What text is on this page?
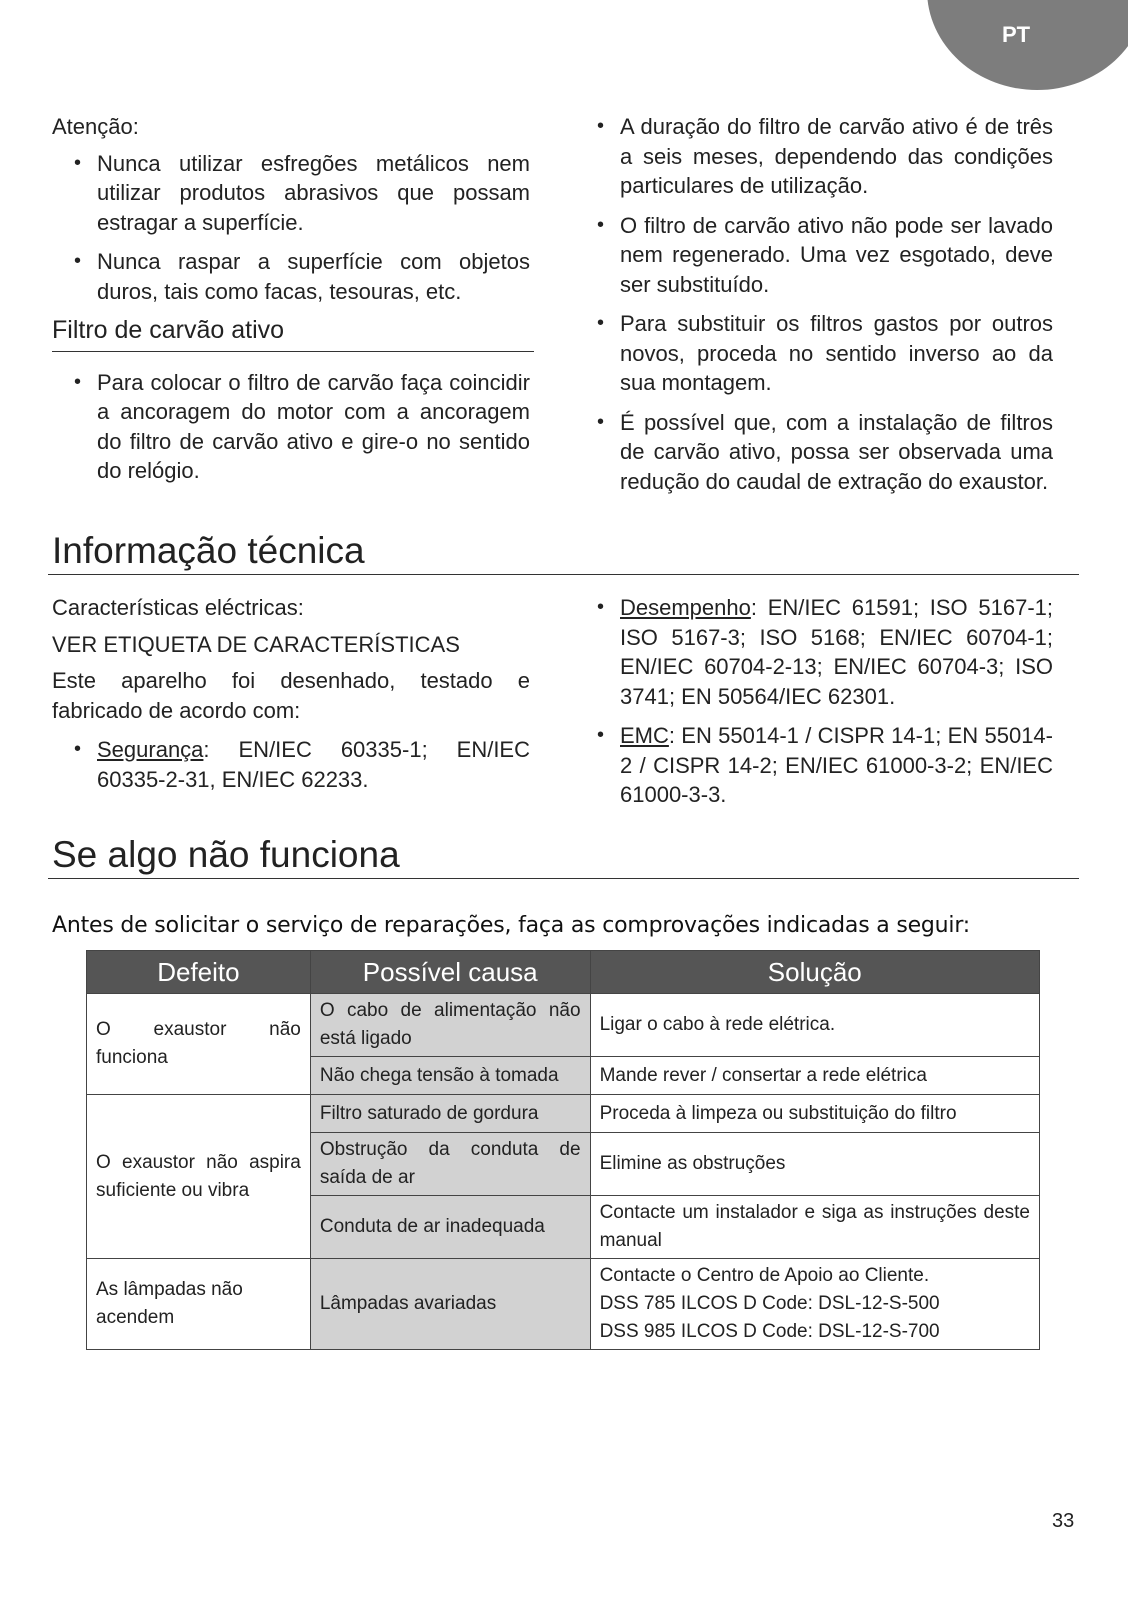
PT

Atenção:

• Nunca utilizar esfregões metálicos nem utilizar produtos abrasivos que possam estragar a superfície.
• Nunca raspar a superfície com objetos duros, tais como facas, tesouras, etc.
Filtro de carvão ativo
• Para colocar o filtro de carvão faça coincidir a ancoragem do motor com a ancoragem do filtro de carvão ativo e gire-o no sentido do relógio.
• A duração do filtro de carvão ativo é de três a seis meses, dependendo das condições particulares de utilização.
• O filtro de carvão ativo não pode ser lavado nem regenerado. Uma vez esgotado, deve ser substituído.
• Para substituir os filtros gastos por outros novos, proceda no sentido inverso ao da sua montagem.
• É possível que, com a instalação de filtros de carvão ativo, possa ser observada uma redução do caudal de extração do exaustor.
Informação técnica

Características eléctricas:

VER ETIQUETA DE CARACTERÍSTICAS

Este aparelho foi desenhado, testado e fabricado de acordo com:

• Segurança: EN/IEC 60335-1; EN/IEC 60335-2-31, EN/IEC 62233.
• Desempenho: EN/IEC 61591; ISO 5167-1; ISO 5167-3; ISO 5168; EN/IEC 60704-1; EN/IEC 60704-2-13; EN/IEC 60704-3; ISO 3741; EN 50564/IEC 62301.
• EMC: EN 55014-1 / CISPR 14-1; EN 55014-2 / CISPR 14-2; EN/IEC 61000-3-2; EN/IEC 61000-3-3.
Se algo não funciona
Antes de solicitar o serviço de reparações, faça as comprovações indicadas a seguir:
Defeito	Possível causa	Solução
O exaustor não funciona	O cabo de alimentação não está ligado	Ligar o cabo à rede elétrica.
	Não chega tensão à tomada	Mande rever / consertar a rede elétrica
O exaustor não aspira suficiente ou vibra	Filtro saturado de gordura	Proceda à limpeza ou substituição do filtro
	Obstrução da conduta de saída de ar	Elimine as obstruções
	Conduta de ar inadequada	Contacte um instalador e siga as instruções deste manual
As lâmpadas não acendem	Lâmpadas avariadas	Contacte o Centro de Apoio ao Cliente.
DSS 785 ILCOS D Code: DSL-12-S-500
DSS 985 ILCOS D Code: DSL-12-S-700
33
